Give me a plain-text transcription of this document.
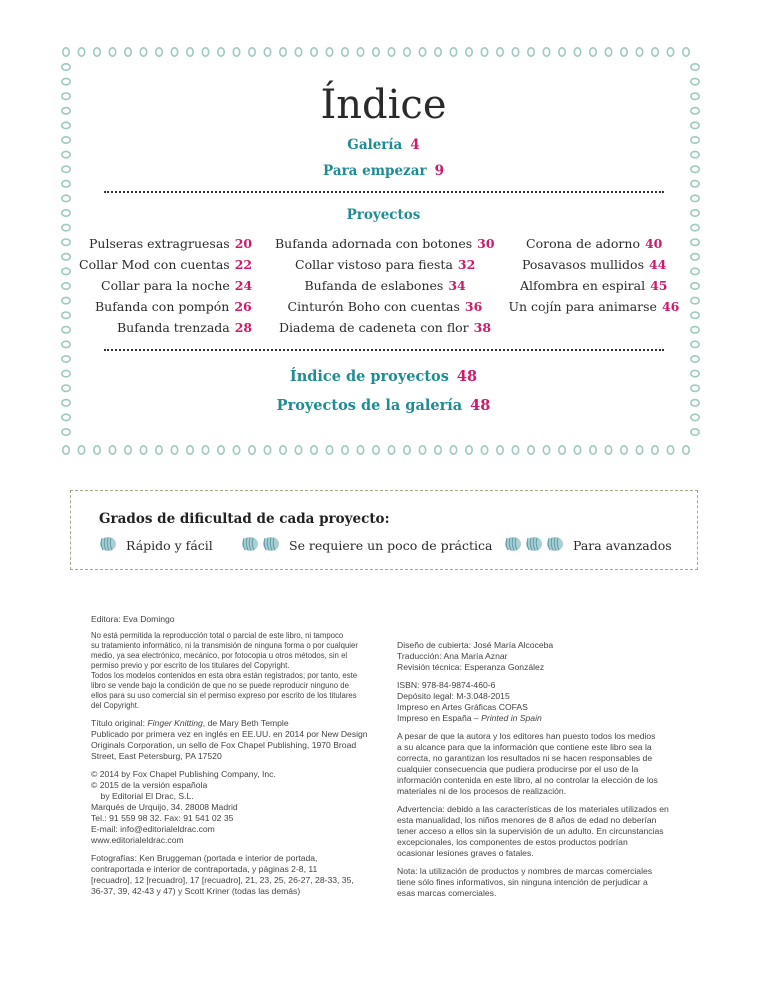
Índice
Galería 4
Para empezar 9
Proyectos
Pulseras extragruesas 20
Collar Mod con cuentas 22
Collar para la noche 24
Bufanda con pompón 26
Bufanda trenzada 28
Bufanda adornada con botones 30
Collar vistoso para fiesta 32
Bufanda de eslabones 34
Cinturón Boho con cuentas 36
Diadema de cadeneta con flor 38
Corona de adorno 40
Posavasos mullidos 44
Alfombra en espiral 45
Un cojín para animarse 46
Índice de proyectos 48
Proyectos de la galería 48
Grados de dificultad de cada proyecto:
Rápido y fácil	Se requiere un poco de práctica	Para avanzados

Editora: Eva Domingo

No está permitida la reproducción total o parcial de este libro, ni tampoco
su tratamiento informático, ni la transmisión de ninguna forma o por cualquier
medio, ya sea electrónico, mecánico, por fotocopia u otros métodos, sin el
permiso previo y por escrito de los titulares del Copyright.
Todos los modelos contenidos en esta obra están registrados; por tanto, este
libro se vende bajo la condición de que no se puede reproducir ninguno de
ellos para su uso comercial sin el permiso expreso por escrito de los titulares
del Copyright.
Título original: Finger Knitting, de Mary Beth Temple
Publicado por primera vez en inglés en EE.UU. en 2014 por New Design
Originals Corporation, un sello de Fox Chapel Publishing, 1970 Broad
Street, East Petersburg, PA 17520
© 2014 by Fox Chapel Publishing Company, Inc.
© 2015 de la versión española
by Editorial El Drac, S.L.
Marqués de Urquijo, 34. 28008 Madrid
Tel.: 91 559 98 32. Fax: 91 541 02 35
E-mail: info@editorialeldrac.com
www.editorialeldrac.com
Fotografías: Ken Bruggeman (portada e interior de portada,
contraportada e interior de contraportada, y páginas 2-8, 11
[recuadro], 12 [recuadro], 17 [recuadro], 21, 23, 25, 26-27, 28-33, 35,
36-37, 39, 42-43 y 47) y Scott Kriner (todas las demás)
Diseño de cubierta: José María Alcoceba
Traducción: Ana María Aznar
Revisión técnica: Esperanza González
ISBN: 978-84-9874-460-6
Depósito legal: M-3.048-2015
Impreso en Artes Gráficas COFAS
Impreso en España – Printed in Spain
A pesar de que la autora y los editores han puesto todos los medios
a su alcance para que la información que contiene este libro sea la
correcta, no garantizan los resultados ni se hacen responsables de
cualquier consecuencia que pudiera producirse por el uso de la
información contenida en este libro, al no controlar la elección de los
materiales ni de los procesos de realización.
Advertencia: debido a las características de los materiales utilizados en
esta manualidad, los niños menores de 8 años de edad no deberían
tener acceso a ellos sin la supervisión de un adulto. En circunstancias
excepcionales, los componentes de estos productos podrían
ocasionar lesiones graves o fatales.
Nota: la utilización de productos y nombres de marcas comerciales
tiene sólo fines informativos, sin ninguna intención de perjudicar a
esas marcas comerciales.
